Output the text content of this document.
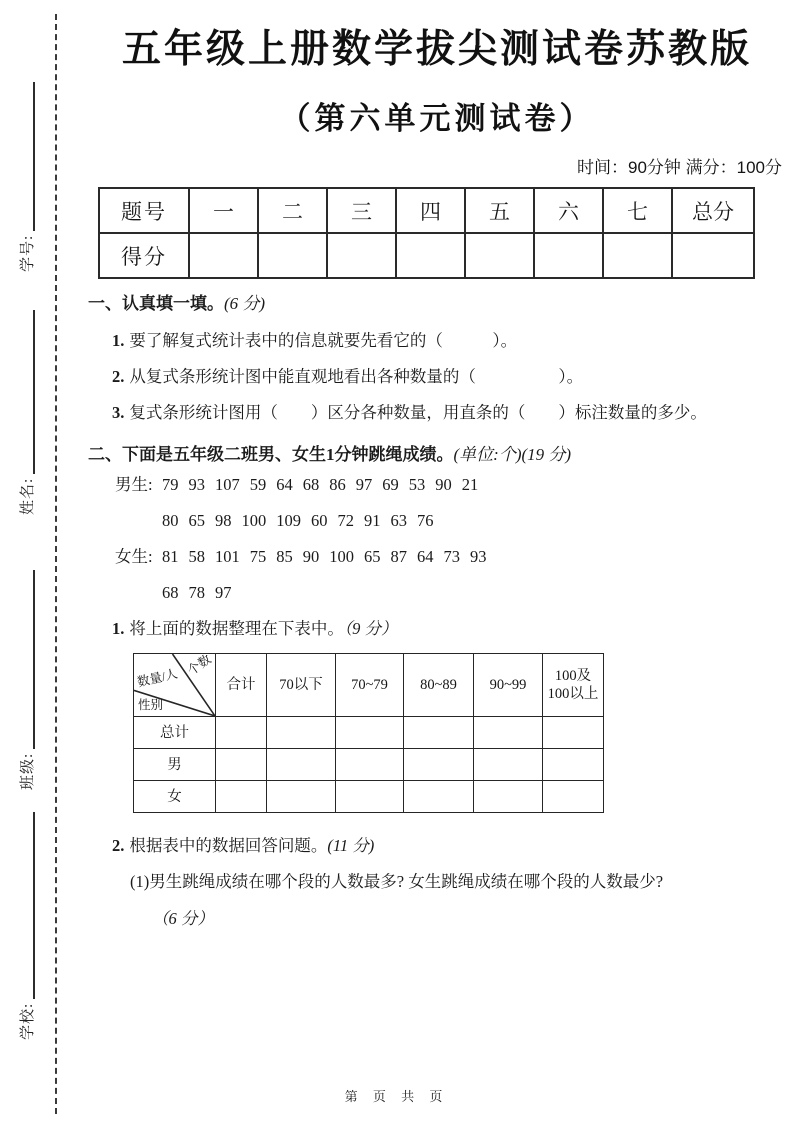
学号:
姓名:
班级:
学校:
五年级上册数学拔尖测试卷苏教版
（第六单元测试卷）
时间：90分钟 满分：100分
题号	一	二	三	四	五	六	七	总分
得分								
一、认真填一填。(6 分)
1. 要了解复式统计表中的信息就要先看它的（　　　）。
2. 从复式条形统计图中能直观地看出各种数量的（　　　　　）。
3. 复式条形统计图用（　　）区分各种数量，用直条的（　　）标注数量的多少。
二、下面是五年级二班男、女生1分钟跳绳成绩。(单位:个)(19 分)
男生: 79 93 107 59 64 68 86 97 69 53 90 21
80 65 98 100 109 60 72 91 63 76
女生: 81 58 101 75 85 90 100 65 87 64 73 93
68 78 97
1. 将上面的数据整理在下表中。（9 分）
个数
数量/人
性别	合计	70以下	70~79	80~89	90~99	100及100以上
总计						
男						
女						
2. 根据表中的数据回答问题。(11 分)
(1)男生跳绳成绩在哪个段的人数最多? 女生跳绳成绩在哪个段的人数最少?
（6 分）
第 页 共 页
